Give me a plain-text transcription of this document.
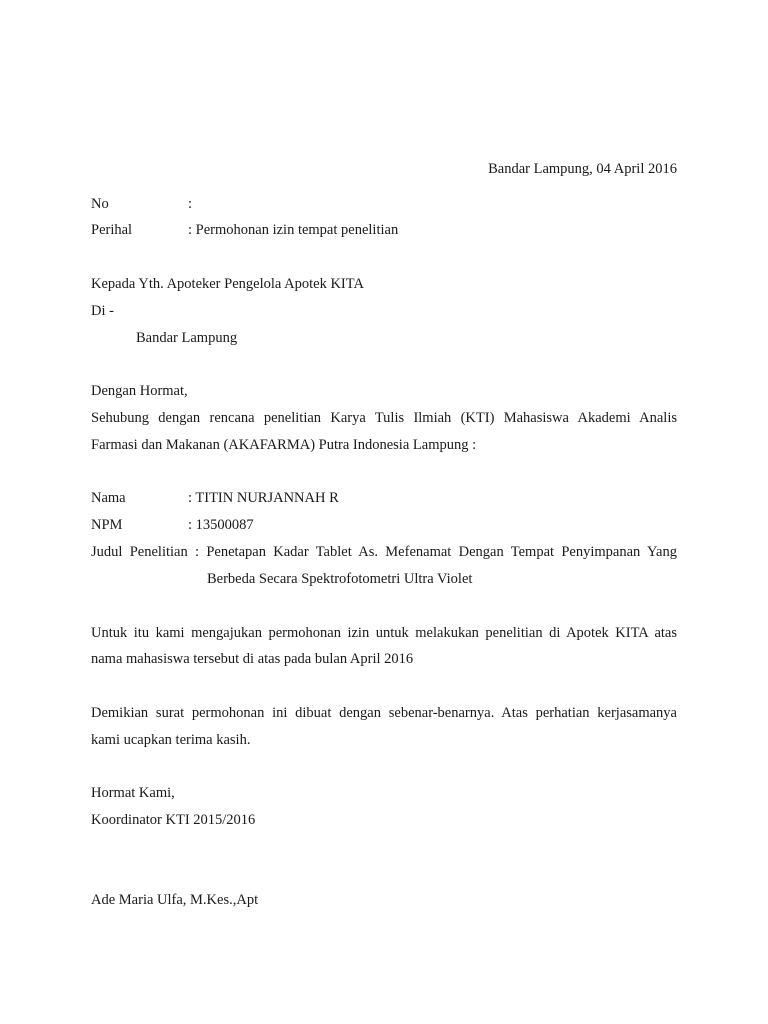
Bandar Lampung, 04 April 2016
No	:
Perihal	: Permohonan izin tempat penelitian
Kepada Yth. Apoteker Pengelola Apotek KITA
Di -
Bandar Lampung
Dengan Hormat,
Sehubung dengan rencana penelitian Karya Tulis Ilmiah (KTI) Mahasiswa Akademi Analis
Farmasi dan Makanan (AKAFARMA) Putra Indonesia Lampung :
Nama	: TITIN NURJANNAH R
NPM	: 13500087
Judul Penelitian : Penetapan Kadar Tablet As. Mefenamat Dengan Tempat Penyimpanan Yang
Berbeda Secara Spektrofotometri Ultra Violet
Untuk itu kami mengajukan permohonan izin untuk melakukan penelitian di Apotek KITA atas
nama mahasiswa tersebut di atas pada bulan April 2016
Demikian surat permohonan ini dibuat dengan sebenar-benarnya. Atas perhatian kerjasamanya
kami ucapkan terima kasih.
Hormat Kami,
Koordinator KTI 2015/2016
Ade Maria Ulfa, M.Kes.,Apt
